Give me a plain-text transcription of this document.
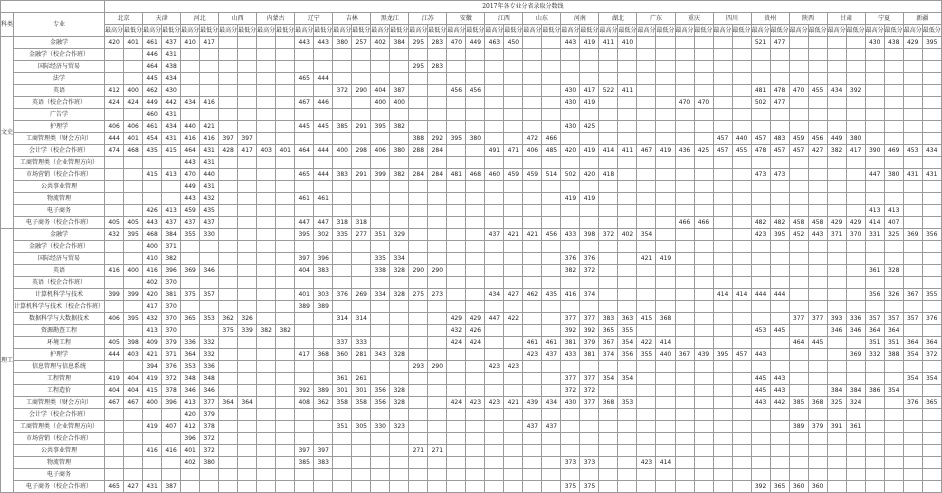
		2017年各专业分省录取分数线																																											
科类	专业	北京		天津		河北		山西		内蒙古		辽宁		吉林		黑龙江		江苏		安徽		江西		山东		河南		湖北		广东		重庆		四川		贵州		陕西		甘肃		宁夏		新疆	
		最高分	最低分	最高分	最低分	最高分	最低分	最高分	最低分	最高分	最低分	最高分	最低分	最高分	最低分	最高分	最低分	最高分	最低分	最高分	最低分	最高分	最低分	最高分	最低分	最高分	最低分	最高分	最低分	最高分	最低分	最高分	最低分	最高分	最低分	最高分	最低分	最高分	最低分	最高分	最低分	最高分	最低分	最高分	最低分
文史	金融学	420	401	461	437	410	417					443	443	380	257	402	384	295	283	470	449	463	450			443	419	411	410							521	477					430	438	429	395
	金融学（校企合作班）			446	431																																								
	国际经济与贸易			464	438													295	283																										
	法学			445	434							465	444																																
	英语	412	400	462	430									372	290	404	387			456	456					430	417	522	411							481	478	470	455	434	392				
	英语（校企合作班）	424	424	449	442	434	416					467	446			400	400									430	419					470	470			502	477								
	广告学			460	431																																								
	护理学	406	406	461	434	440	421					445	445	385	291	395	382									430	425																		
	工商管理类（财会方向）	444	401	454	431	416	416	397	397									388	292	395	380			472	466									457	440	457	483	459	456	449	380				
	会计学（校企合作班）	474	468	435	415	464	431	428	417	403	401	464	444	400	298	406	380	288	284			491	471	406	485	420	419	414	411	467	419	436	425	457	455	478	457	457	427	382	417	390	469	453	434
	工商管理类（企业管理方向）					443	431																																						
	市场营销（校企合作班）			415	413	470	440					465	444	383	291	399	382	284	284	481	468	460	459	459	514	502	420	418								473	473					447	380	431	431
	公共事业管理					449	431																																						
	物流管理					443	432					461	461													419	419																		
	电子商务			426	413	459	435																																			413	413		
	电子商务（校企合作班）	405	405	443	437	437	437					447	447	318	318																	466	466			482	482	458	458	429	429	414	407		
理工	金融学	432	395	468	384	355	330					395	302	335	277	351	329					437	421	421	456	433	398	372	402	354						423	395	452	443	371	370	331	325	369	356
	金融学（校企合作班）			400	371																																								
	国际经济与贸易			410	382							397	396			335	334									376	376			421	419														
	英语	416	400	416	396	369	346					404	383			338	328	290	290							382	372															361	328		
	英语（校企合作班）			402	370																																								
	计算机科学与技术	399	399	420	381	375	357					401	303	376	269	334	328	275	273			434	427	462	435	416	374							414	414	444	444					356	326	367	355
	计算机科学与技术（校企合作班）			417	370							389	389																																
	数据科学与大数据技术	406	395	432	370	365	353	362	326					314	314					429	429	447	422			377	377	383	363	415	368							377	377	393	336	357	357	357	376
	资源勘查工程			413	370			375	339	382	382									432	426					392	392	365	355							453	445			346	346	364	364		
	环境工程	405	398	409	379	336	332							337	333					424	424			461	461	381	379	367	354	422	414							464	445			351	351	364	364
	护理学	444	403	421	371	364	332					417	368	360	281	343	328							423	437	433	381	374	356	355	440	367	439	395	457	443					369	332	388	354	372
	信息管理与信息系统			394	376	353	336											293	290			423	423																						
	工程管理	419	404	419	372	348	348							361	261											377	377	354	354							445	443							354	354
	工程造价	404	404	415	378	346	346					392	389	301	301	356	328									372	372									445	443			384	384	386	354		
	工商管理类（财会方向）	467	467	400	396	413	377	364	364			408	362	358	358	356	328			424	423	423	421	439	434	430	377	368	353							443	442	385	368	325	324			376	365
	会计学（校企合作班）					420	379																																						
	工商管理类（企业管理方向）			419	407	412	378							351	305	330	323							437	437													389	379	391	361				
	市场营销（校企合作班）					396	372																																						
	公共事业管理			416	416	401	372					397	397					271	271																										
	物流管理					402	380					385	383													373	373			423	414														
	电子商务																																												
	电子商务（校企合作班）	465	427	431	387																					375	375									392	365	360	360						
